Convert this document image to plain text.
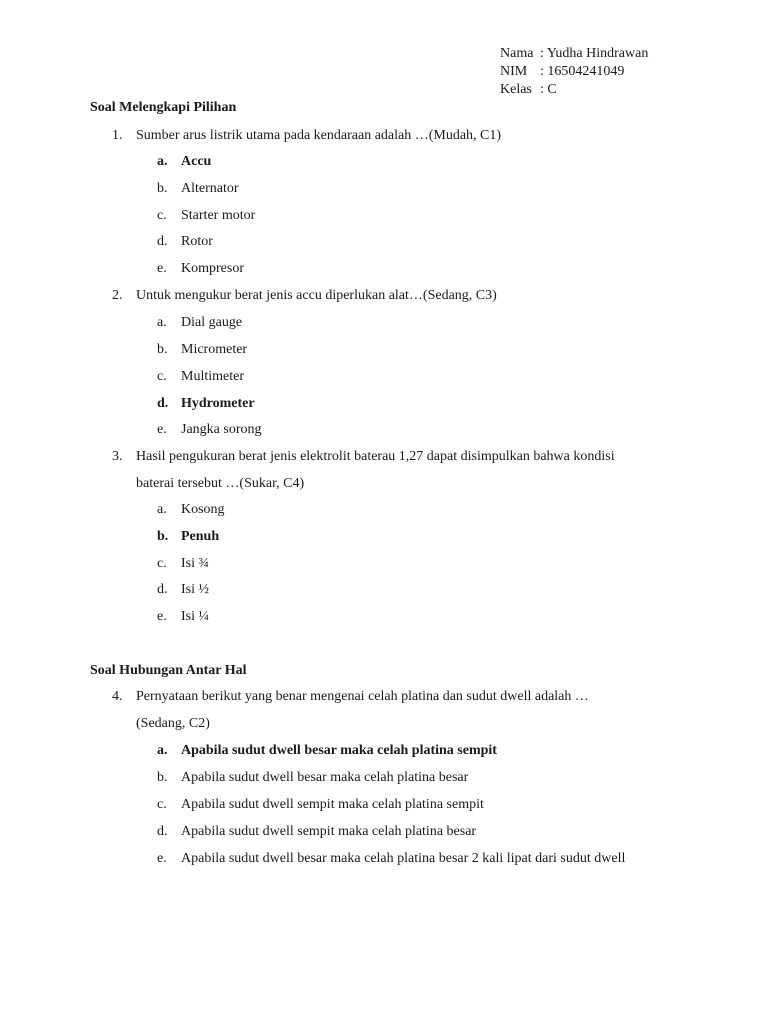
Nama : Yudha Hindrawan
NIM : 16504241049
Kelas : C
Soal Melengkapi Pilihan
1. Sumber arus listrik utama pada kendaraan adalah …(Mudah, C1)
a. Accu
b. Alternator
c. Starter motor
d. Rotor
e. Kompresor
2. Untuk mengukur berat jenis accu diperlukan alat…(Sedang, C3)
a. Dial gauge
b. Micrometer
c. Multimeter
d. Hydrometer
e. Jangka sorong
3. Hasil pengukuran berat jenis elektrolit baterau 1,27 dapat disimpulkan bahwa kondisi
baterai tersebut …(Sukar, C4)
a. Kosong
b. Penuh
c. Isi ¾
d. Isi ½
e. Isi ¼
Soal Hubungan Antar Hal
4. Pernyataan berikut yang benar mengenai celah platina dan sudut dwell adalah …
(Sedang, C2)
a. Apabila sudut dwell besar maka celah platina sempit
b. Apabila sudut dwell besar maka celah platina besar
c. Apabila sudut dwell sempit maka celah platina sempit
d. Apabila sudut dwell sempit maka celah platina besar
e. Apabila sudut dwell besar maka celah platina besar 2 kali lipat dari sudut dwell
